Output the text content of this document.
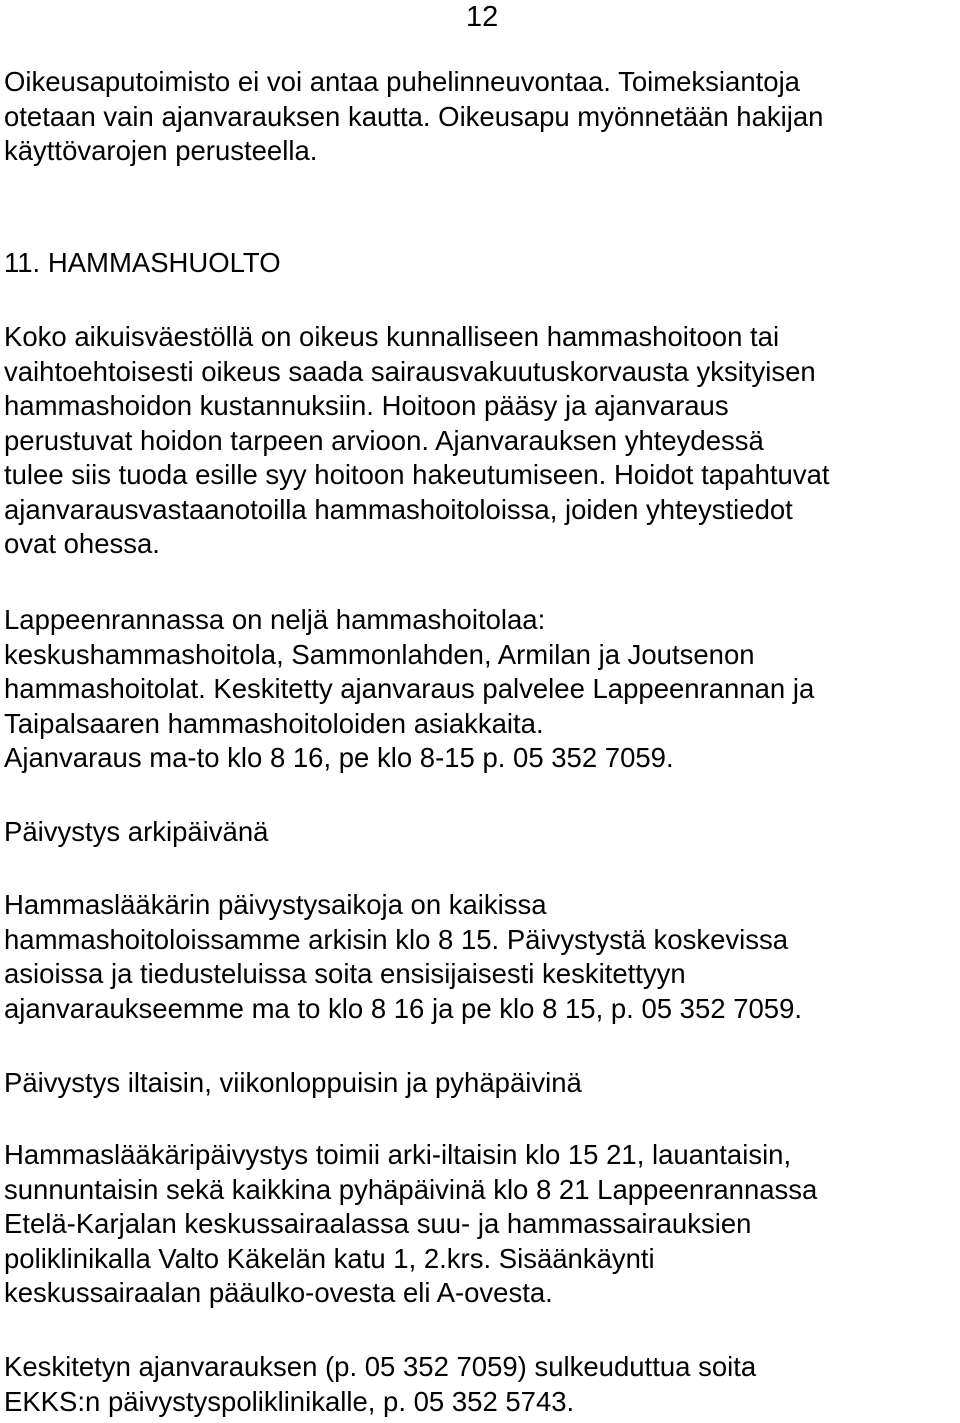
12

Oikeusaputoimisto ei voi antaa puhelinneuvontaa. Toimeksiantoja
otetaan vain ajanvarauksen kautta. Oikeusapu myönnetään hakijan
käyttövarojen perusteella.

11. HAMMASHUOLTO

Koko aikuisväestöllä on oikeus kunnalliseen hammashoitoon tai
vaihtoehtoisesti oikeus saada sairausvakuutuskorvausta yksityisen
hammashoidon kustannuksiin. Hoitoon pääsy ja ajanvaraus
perustuvat hoidon tarpeen arvioon. Ajanvarauksen yhteydessä
tulee siis tuoda esille syy hoitoon hakeutumiseen. Hoidot tapahtuvat
ajanvarausvastaanotoilla hammashoitoloissa, joiden yhteystiedot
ovat ohessa.

Lappeenrannassa on neljä hammashoitolaa:
keskushammashoitola, Sammonlahden, Armilan ja Joutsenon
hammashoitolat. Keskitetty ajanvaraus palvelee Lappeenrannan ja
Taipalsaaren hammashoitoloiden asiakkaita.
Ajanvaraus ma-to klo 8 16, pe klo 8-15 p. 05 352 7059.

Päivystys arkipäivänä

Hammaslääkärin päivystysaikoja on kaikissa
hammashoitoloissamme arkisin klo 8 15. Päivystystä koskevissa
asioissa ja tiedusteluissa soita ensisijaisesti keskitettyyn
ajanvaraukseemme ma to klo 8 16 ja pe klo 8 15, p. 05 352 7059.

Päivystys iltaisin, viikonloppuisin ja pyhäpäivinä

Hammaslääkäripäivystys toimii arki-iltaisin klo 15 21, lauantaisin,
sunnuntaisin sekä kaikkina pyhäpäivinä klo 8 21 Lappeenrannassa
Etelä-Karjalan keskussairaalassa suu- ja hammassairauksien
poliklinikalla Valto Käkelän katu 1, 2.krs. Sisäänkäynti
keskussairaalan pääulko-ovesta eli A-ovesta.

Keskitetyn ajanvarauksen (p. 05 352 7059) sulkeuduttua soita
EKKS:n päivystyspoliklinikalle, p. 05 352 5743.
